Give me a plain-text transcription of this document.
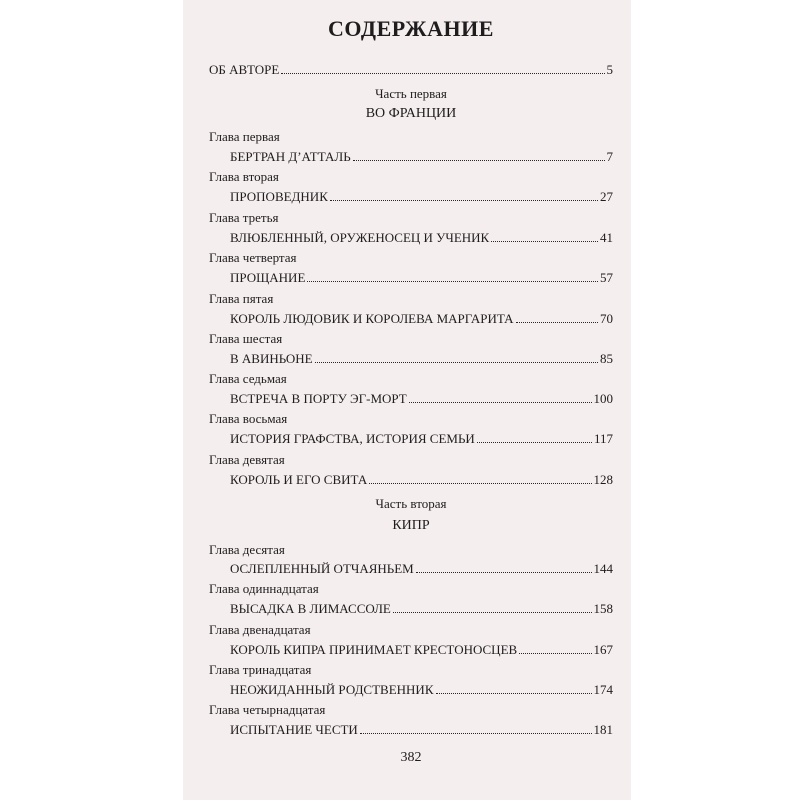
СОДЕРЖАНИЕ
ОБ АВТОРЕ	5
Часть первая
ВО ФРАНЦИИ
Глава первая
БЕРТРАН Д’АТТАЛЬ	7
Глава вторая
ПРОПОВЕДНИК	27
Глава третья
ВЛЮБЛЕННЫЙ, ОРУЖЕНОСЕЦ И УЧЕНИК	41
Глава четвертая
ПРОЩАНИЕ	57
Глава пятая
КОРОЛЬ ЛЮДОВИК И КОРОЛЕВА МАРГАРИТА	70
Глава шестая
В АВИНЬОНЕ	85
Глава седьмая
ВСТРЕЧА В ПОРТУ ЭГ-МОРТ	100
Глава восьмая
ИСТОРИЯ ГРАФСТВА, ИСТОРИЯ СЕМЬИ	117
Глава девятая
КОРОЛЬ И ЕГО СВИТА	128
Часть вторая
КИПР
Глава десятая
ОСЛЕПЛЕННЫЙ ОТЧАЯНЬЕМ	144
Глава одиннадцатая
ВЫСАДКА В ЛИМАССОЛЕ	158
Глава двенадцатая
КОРОЛЬ КИПРА ПРИНИМАЕТ КРЕСТОНОСЦЕВ	167
Глава тринадцатая
НЕОЖИДАННЫЙ РОДСТВЕННИК	174
Глава четырнадцатая
ИСПЫТАНИЕ ЧЕСТИ	181
382
